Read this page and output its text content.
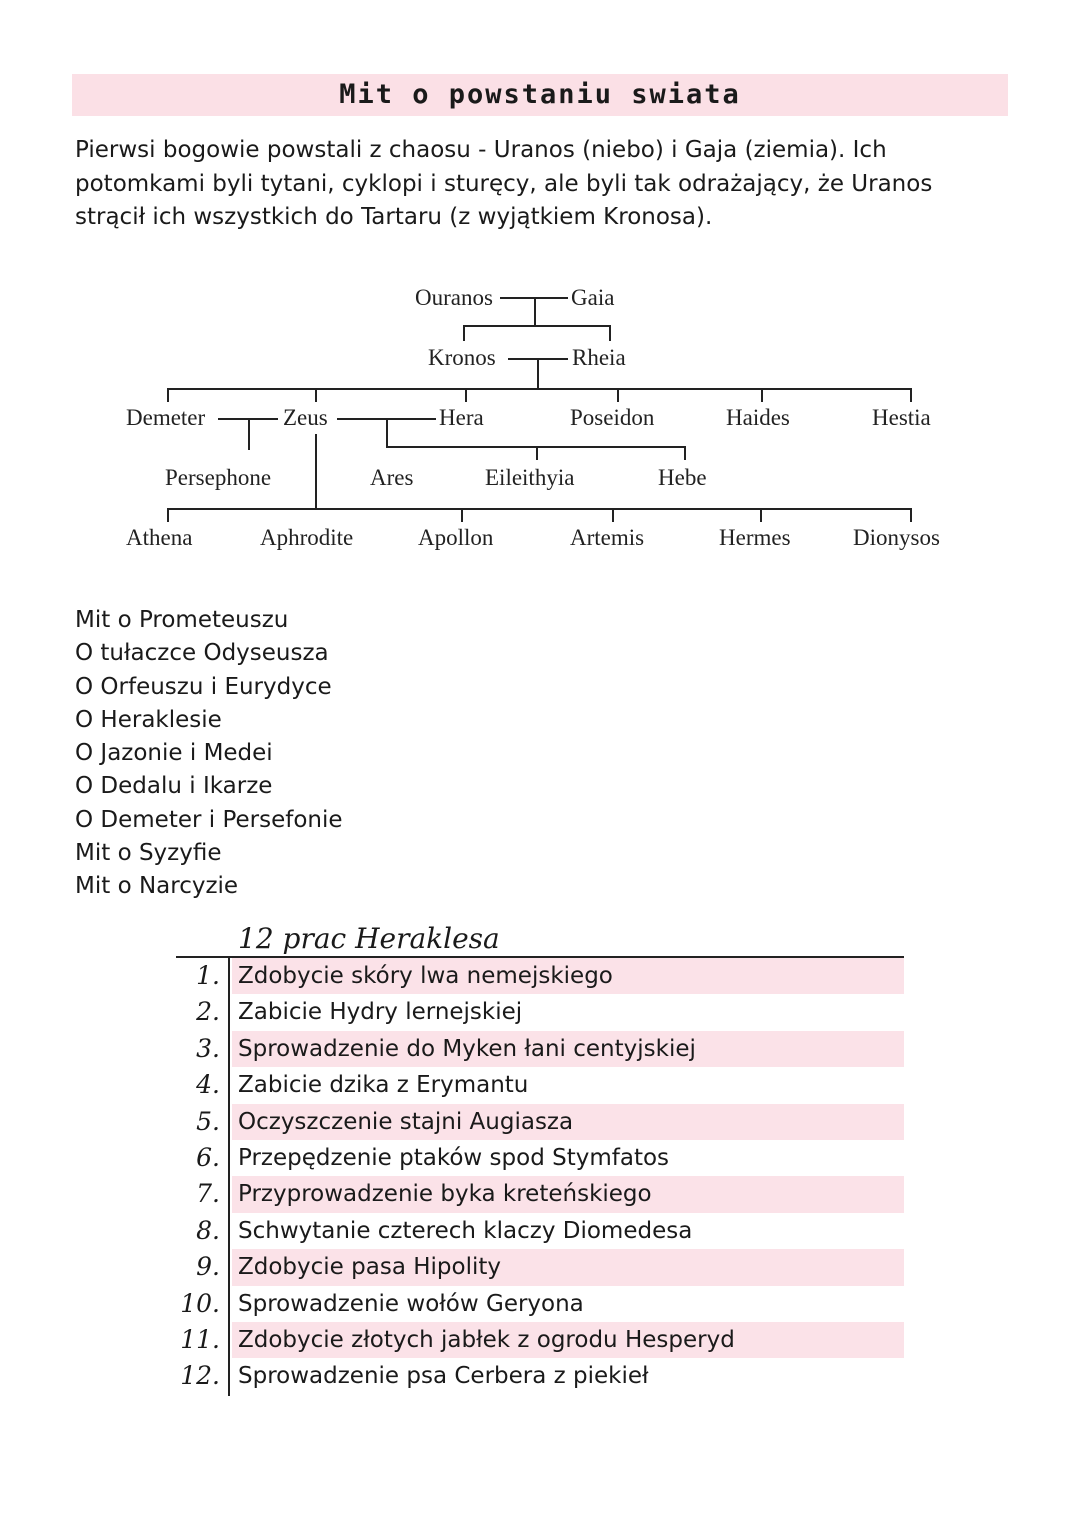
Mit o powstaniu swiata

Pierwsi bogowie powstali z chaosu - Uranos (niebo) i Gaja (ziemia). Ich potomkami byli tytani, cyklopi i sturęcy, ale byli tak odrażający, że Uranos strącił ich wszystkich do Tartaru (z wyjątkiem Kronosa).

Ouranos	Gaia
Kronos	Rheia
Demeter	Zeus	Hera	Poseidon	Haides	Hestia
Persephone	Ares	Eileithyia	Hebe
Athena	Aphrodite	Apollon	Artemis	Hermes	Dionysos
Mit o Prometeuszu
O tułaczce Odyseusza
O Orfeuszu i Eurydyce
O Heraklesie
O Jazonie i Medei
O Dedalu i Ikarze
O Demeter i Persefonie
Mit o Syzyfie
Mit o Narcyzie
12 prac Heraklesa
1. Zdobycie skóry lwa nemejskiego
2. Zabicie Hydry lernejskiej
3. Sprowadzenie do Myken łani centyjskiej
4. Zabicie dzika z Erymantu
5. Oczyszczenie stajni Augiasza
6. Przepędzenie ptaków spod Stymfatos
7. Przyprowadzenie byka kreteńskiego
8. Schwytanie czterech klaczy Diomedesa
9. Zdobycie pasa Hipolity
10. Sprowadzenie wołów Geryona
11. Zdobycie złotych jabłek z ogrodu Hesperyd
12. Sprowadzenie psa Cerbera z piekieł
